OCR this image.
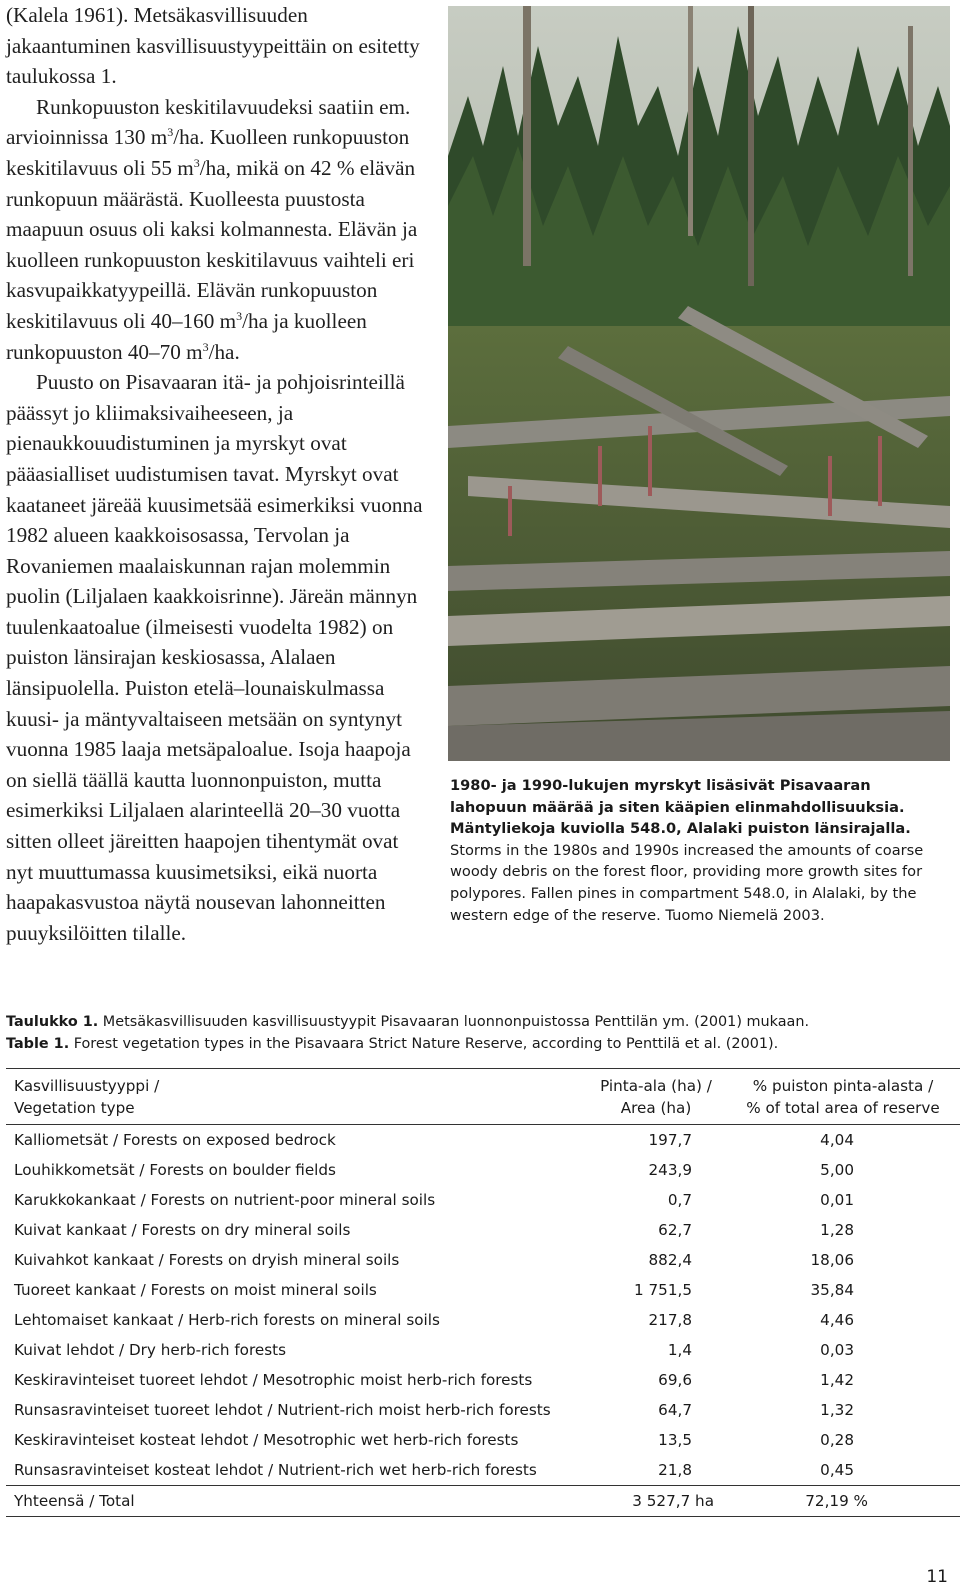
(Kalela 1961). Metsäkasvillisuuden jakaantuminen kasvillisuustyypeittäin on esitetty taulukossa 1.

Runkopuuston keskitilavuudeksi saatiin em. arvioinnissa 130 $m^3/ha$. Kuolleen runkopuuston keskitilavuus oli 55 $m^3/ha$, mikä on 42 % elävän runkopuun määrästä. Kuolleesta puustosta maapuun osuus oli kaksi kolmannesta. Elävän ja kuolleen runkopuuston keskitilavuus vaihteli eri kasvupaikkatyypeillä. Elävän runkopuuston keskitilavuus oli 40–160 $m^3/ha$ ja kuolleen runkopuuston 40–70 $m^3/ha$.

Puusto on Pisavaaran itä- ja pohjoisrinteillä päässyt jo kliimaksivaiheeseen, ja pienaukkouudistuminen ja myrskyt ovat pääasialliset uudistumisen tavat. Myrskyt ovat kaataneet järeää kuusimetsää esimerkiksi vuonna 1982 alueen kaakkoisosassa, Tervolan ja Rovaniemen maalaiskunnan rajan molemmin puolin (Liljalaen kaakkoisrinne). Järeän männyn tuulenkaatoalue (ilmeisesti vuodelta 1982) on puiston länsirajan keskiosassa, Alalaen länsipuolella. Puiston etelä–lounaiskulmassa kuusi- ja mäntyvaltaiseen metsään on syntynyt vuonna 1985 laaja metsäpaloalue. Isoja haapoja on siellä täällä kautta luonnonpuiston, mutta esimerkiksi Liljalaen alarinteellä 20–30 vuotta sitten olleet järeitten haapojen tihentymät ovat nyt muuttumassa kuusimetsiksi, eikä nuorta haapakasvustoa näytä nousevan lahonneitten puuyksilöitten tilalle.

1980- ja 1990-lukujen myrskyt lisäsivät Pisavaaran lahopuun määrää ja siten kääpien elinmahdollisuuksia. Mäntyliekoja kuviolla 548.0, Alalaki puiston länsirajalla. Storms in the 1980s and 1990s increased the amounts of coarse woody debris on the forest floor, providing more growth sites for polypores. Fallen pines in compartment 548.0, in Alalaki, by the western edge of the reserve. Tuomo Niemelä 2003.
Taulukko 1. Metsäkasvillisuuden kasvillisuustyypit Pisavaaran luonnonpuistossa Penttilän ym. (2001) mukaan.
Table 1. Forest vegetation types in the Pisavaara Strict Nature Reserve, according to Penttilä et al. (2001).
Kasvillisuustyyppi /
Vegetation type
Pinta-ala (ha) /
Area (ha)
% puiston pinta-alasta /
% of total area of reserve
Kalliometsät / Forests on exposed bedrock	197,7	4,04
Louhikkometsät / Forests on boulder fields	243,9	5,00
Karukkokankaat / Forests on nutrient-poor mineral soils	0,7	0,01
Kuivat kankaat / Forests on dry mineral soils	62,7	1,28
Kuivahkot kankaat / Forests on dryish mineral soils	882,4	18,06
Tuoreet kankaat / Forests on moist mineral soils	1 751,5	35,84
Lehtomaiset kankaat / Herb-rich forests on mineral soils	217,8	4,46
Kuivat lehdot / Dry herb-rich forests	1,4	0,03
Keskiravinteiset tuoreet lehdot / Mesotrophic moist herb-rich forests	69,6	1,42
Runsasravinteiset tuoreet lehdot / Nutrient-rich moist herb-rich forests	64,7	1,32
Keskiravinteiset kosteat lehdot / Mesotrophic wet herb-rich forests	13,5	0,28
Runsasravinteiset kosteat lehdot / Nutrient-rich wet herb-rich forests	21,8	0,45
Yhteensä / Total	3 527,7 ha	72,19 %
11
